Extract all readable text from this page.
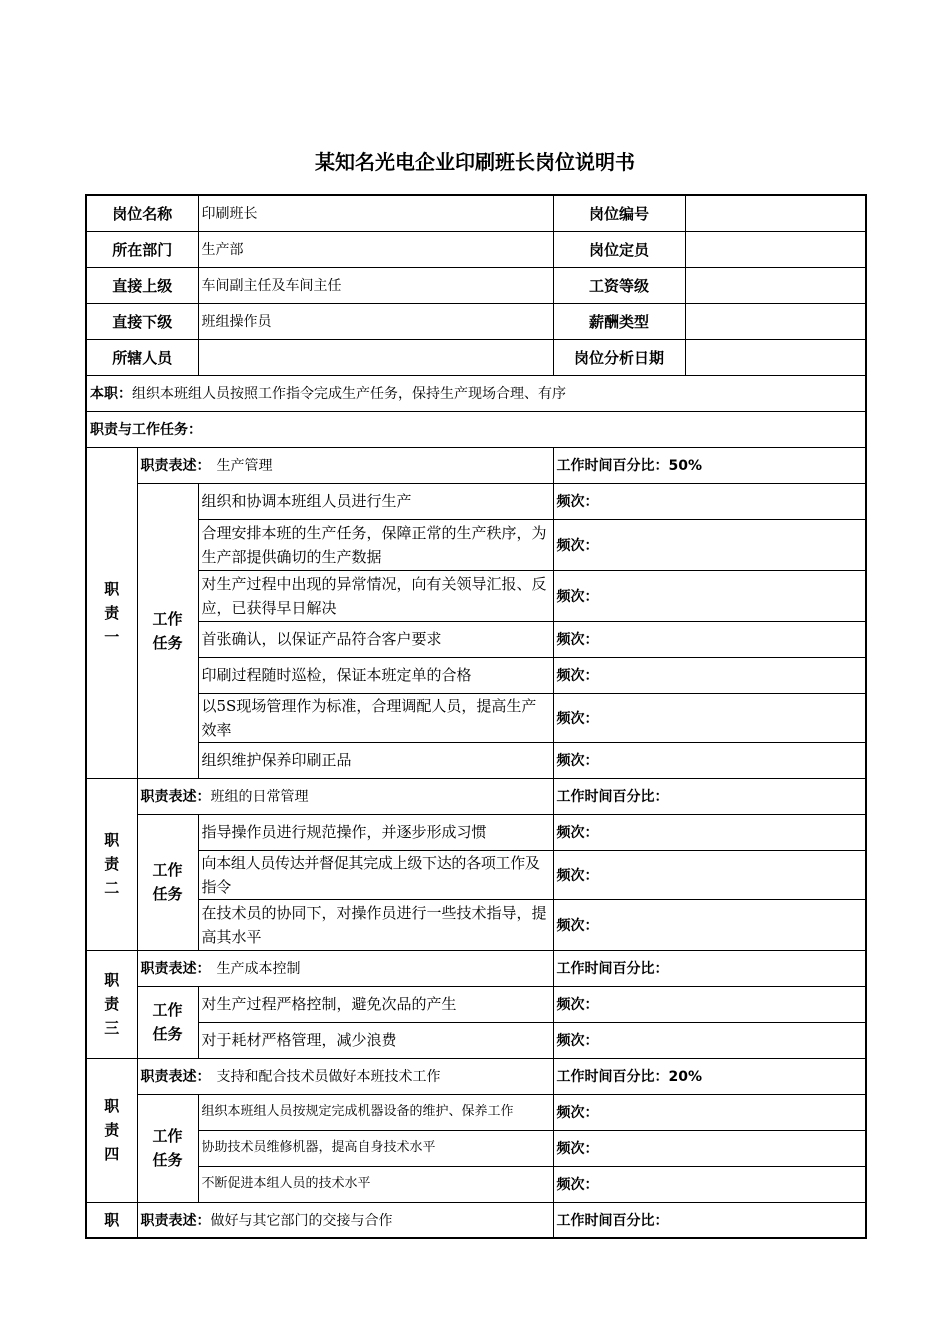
某知名光电企业印刷班长岗位说明书
岗位名称		印刷班长	岗位编号	
所在部门		生产部	岗位定员	
直接上级		车间副主任及车间主任	工资等级	
直接下级		班组操作员	薪酬类型	
所辖人员			岗位分析日期	
本职：组织本班组人员按照工作指令完成生产任务，保持生产现场合理、有序				
职责与工作任务：				
职
责
一	职责表述： 生产管理		工作时间百分比：50%	
	工作任务	组织和协调本班组人员进行生产	频次：	
		合理安排本班的生产任务，保障正常的生产秩序，为生产部提供确切的生产数据	频次：	
		对生产过程中出现的异常情况，向有关领导汇报、反应，已获得早日解决	频次：	
		首张确认，以保证产品符合客户要求	频次：	
		印刷过程随时巡检，保证本班定单的合格	频次：	
		以5S现场管理作为标准，合理调配人员，提高生产效率	频次：	
		组织维护保养印刷正品	频次：	
职
责
二	职责表述：班组的日常管理		工作时间百分比：	
	工作任务	指导操作员进行规范操作，并逐步形成习惯	频次：	
		向本组人员传达并督促其完成上级下达的各项工作及指令	频次：	
		在技术员的协同下，对操作员进行一些技术指导，提高其水平	频次：	
职
责
三	职责表述： 生产成本控制		工作时间百分比：	
	工作任务	对生产过程严格控制，避免次品的产生	频次：	
		对于耗材严格管理，减少浪费	频次：	
职
责
四	职责表述： 支持和配合技术员做好本班技术工作		工作时间百分比：20%	
	工作任务	组织本班组人员按规定完成机器设备的维护、保养工作	频次：	
		协助技术员维修机器，提高自身技术水平	频次：	
		不断促进本组人员的技术水平	频次：	
职	职责表述：做好与其它部门的交接与合作		工作时间百分比：	
